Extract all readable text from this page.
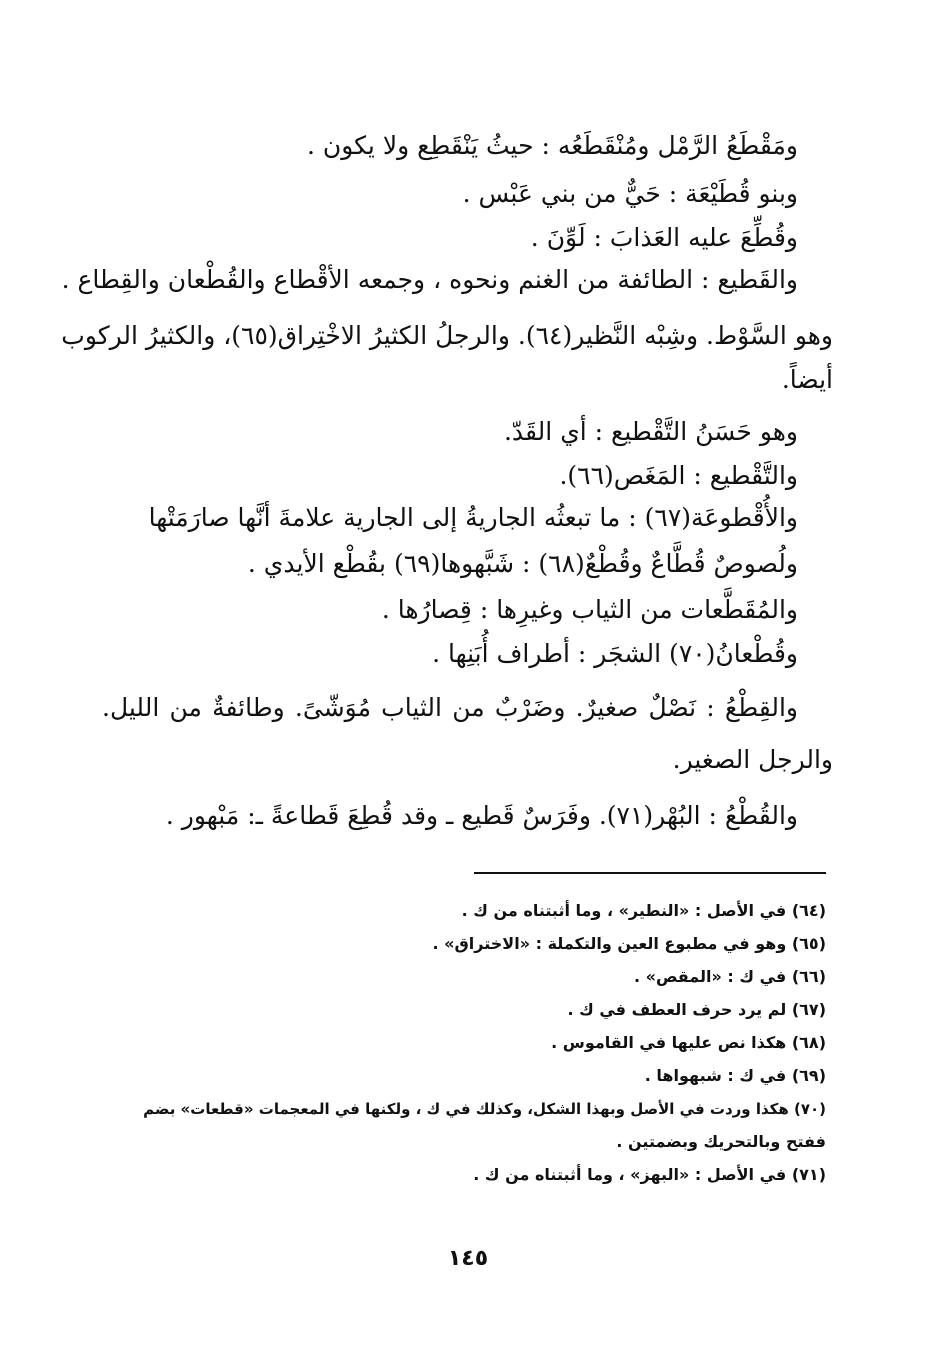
ومَقْطَعُ الرَّمْل ومُنْقَطَعُه : حيثُ يَنْقَطِع ولا يكون .
وبنو قُطَيْعَة : حَيٌّ من بني عَبْس .
وقُطِّعَ عليه العَذابَ : لَوِّنَ .
والقَطيع : الطائفة من الغنم ونحوه ، وجمعه الأقْطاع والقُطْعان والقِطاع .
وهو السَّوْط. وشِبْه النَّظير(٦٤). والرجلُ الكثيرُ الاخْتِراق(٦٥)، والكثيرُ الركوب
أيضاً.
وهو حَسَنُ التَّقْطيع : أي القَدّ.
والتَّقْطيع : المَغَص(٦٦).
والأُقْطوعَة(٦٧) : ما تبعثُه الجاريةُ إلى الجارية علامةَ أنَّها صارَمَتْها
ولُصوصٌ قُطَّاعٌ وقُطْعٌ(٦٨) : شَبَّهوها(٦٩) بقُطْع الأيدي .
والمُقَطَّعات من الثياب وغيرِها : قِصارُها .
وقُطْعانُ(٧٠) الشجَر : أطراف أُبَنِها .
والقِطْعُ : نَصْلٌ صغيرٌ. وضَرْبٌ من الثياب مُوَشّىً. وطائفةٌ من الليل.
والرجل الصغير.
والقُطْعُ : البُهْر(٧١). وفَرَسٌ قَطيع ـ وقد قُطِعَ قَطاعةً ـ: مَبْهور .
(٦٤) في الأصل : «النطير» ، وما أثبتناه من ك .
(٦٥) وهو في مطبوع العين والتكملة : «الاختراق» .
(٦٦) في ك : «المقص» .
(٦٧) لم يرد حرف العطف في ك .
(٦٨) هكذا نص عليها في القاموس .
(٦٩) في ك : شبهواها .
(٧٠) هكذا وردت في الأصل وبهذا الشكل، وكذلك في ك ، ولكنها في المعجمات «قطعات» بضم
ففتح وبالتحريك وبضمتين .
(٧١) في الأصل : «البهز» ، وما أثبتناه من ك .
١٤٥
